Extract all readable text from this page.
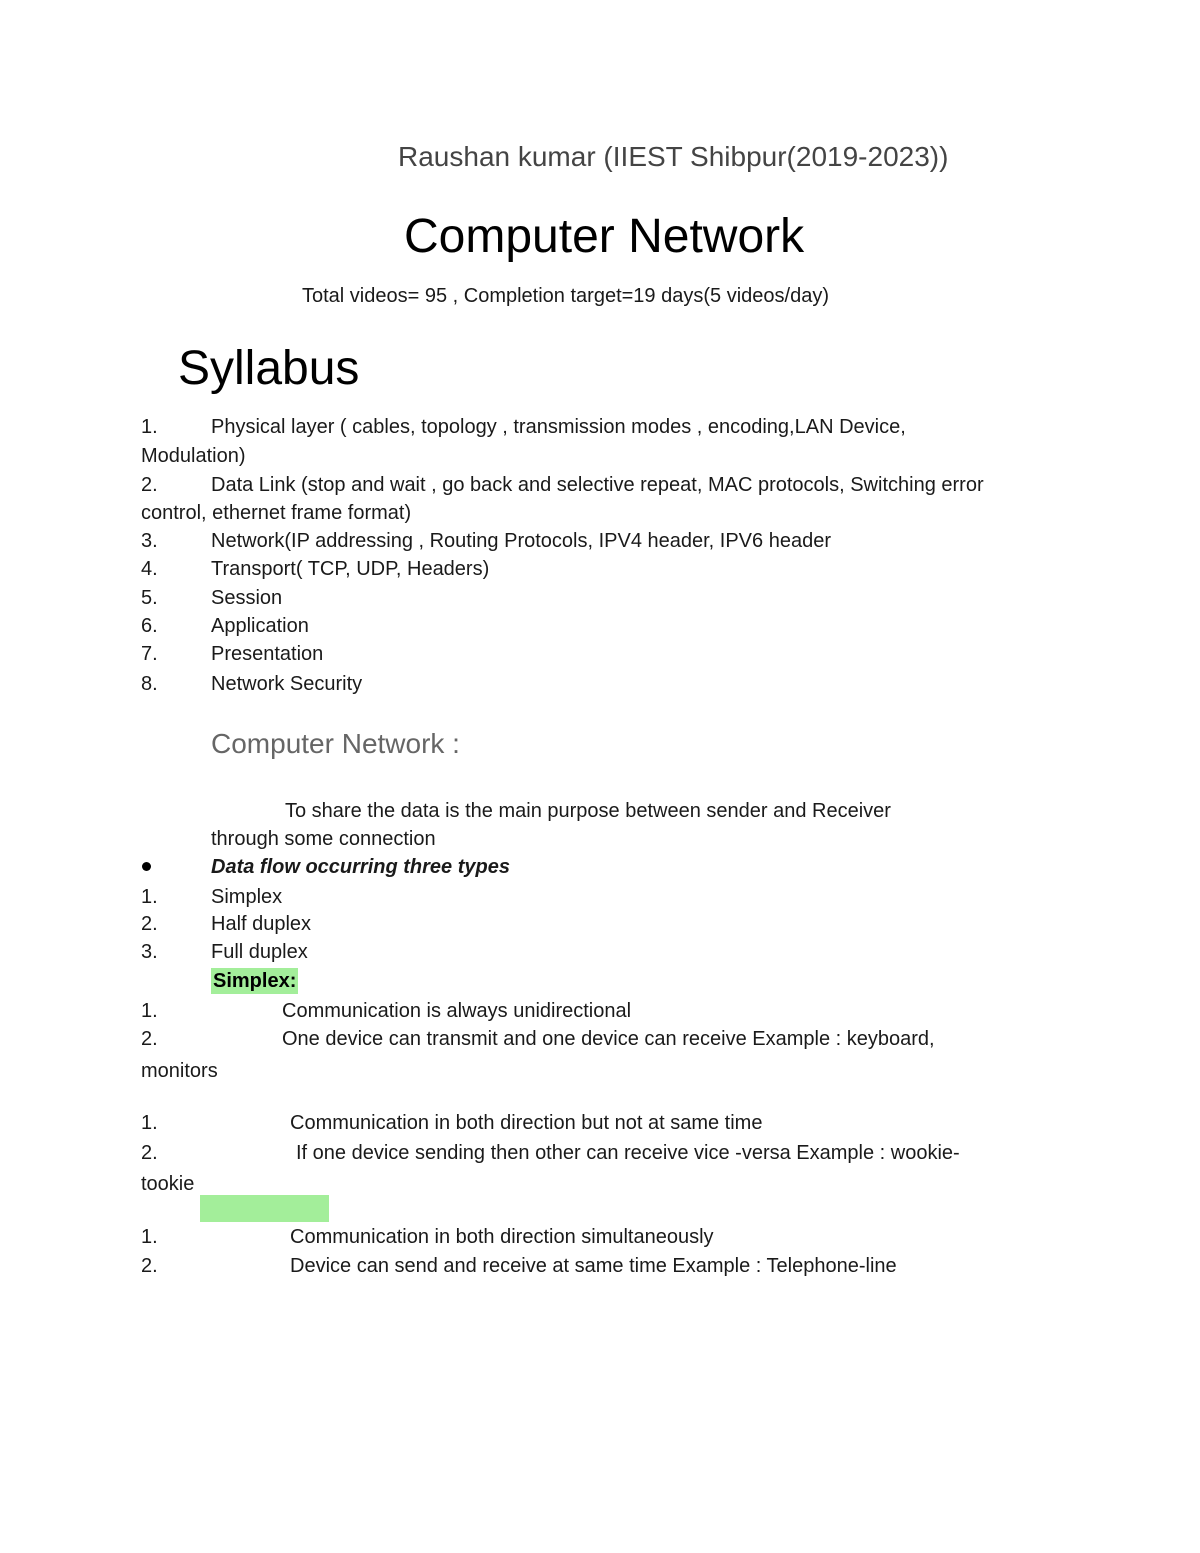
Raushan kumar (IIEST Shibpur(2019-2023))
Computer Network
Total videos= 95 , Completion target=19 days(5 videos/day)
Syllabus
1.	Physical layer ( cables, topology , transmission modes , encoding,LAN Device,
Modulation)
2.	Data Link (stop and wait , go back and selective repeat, MAC protocols, Switching error
control, ethernet frame format)
3.	Network(IP addressing , Routing Protocols, IPV4 header, IPV6 header
4.	Transport( TCP, UDP, Headers)
5.	Session
6.	Application
7.	Presentation
8.	Network Security
Computer Network :
To share the data is the main purpose between sender and Receiver
through some connection
Data flow occurring three types
1.	Simplex
2.	Half duplex
3.	Full duplex
Simplex:
1.	Communication is always unidirectional
2.	One device can transmit and one device can receive Example : keyboard,
monitors
1.	Communication in both direction but not at same time
2.	If one device sending then other can receive vice -versa Example : wookie-
tookie
1.	Communication in both direction simultaneously
2.	Device can send and receive at same time Example : Telephone-line
